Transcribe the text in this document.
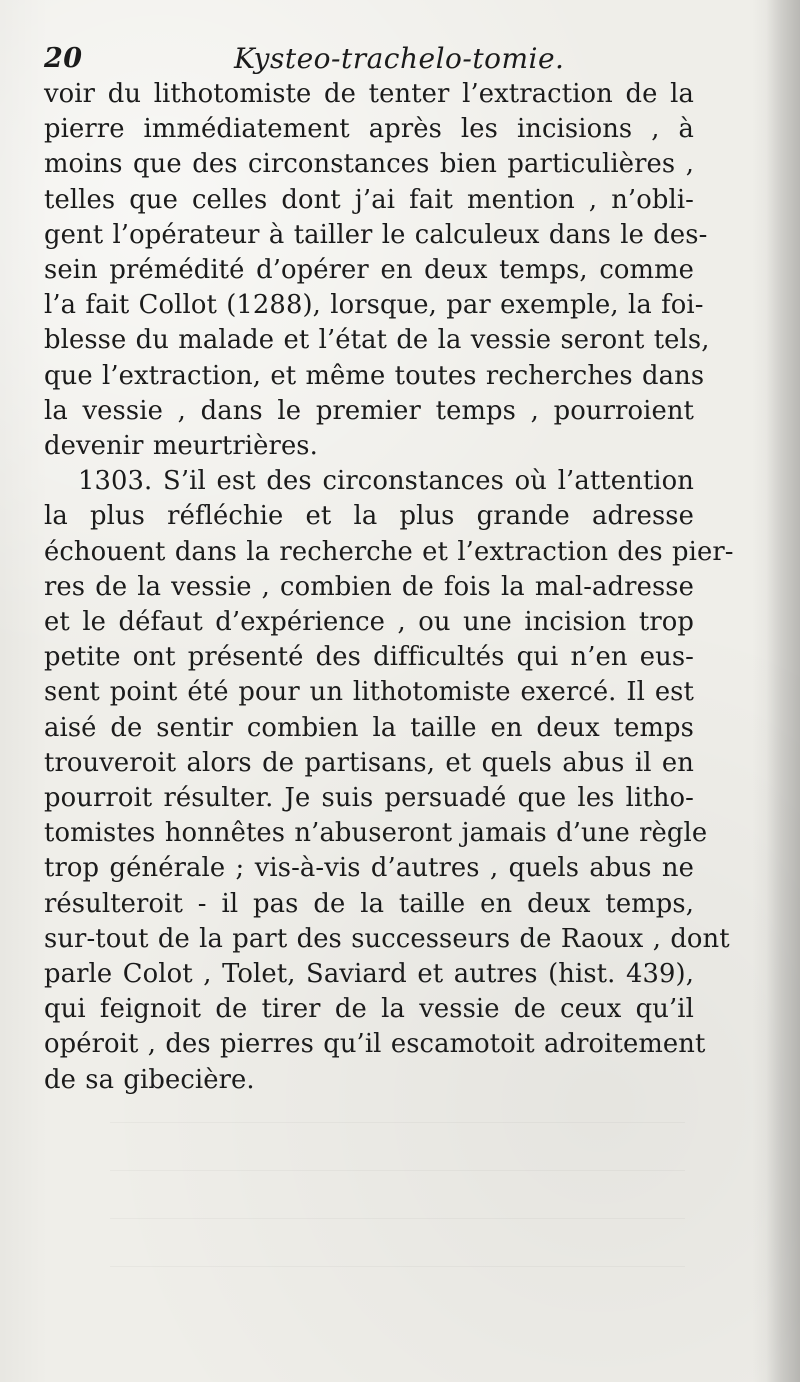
20	Kysteo-trachelo-tomie.
voir du lithotomiste de tenter l’extraction de la
pierre immédiatement après les incisions , à
moins que des circonstances bien particulières ,
telles que celles dont j’ai fait mention , n’obli-
gent l’opérateur à tailler le calculeux dans le des-
sein prémédité d’opérer en deux temps, comme
l’a fait Collot (1288), lorsque, par exemple, la foi-
blesse du malade et l’état de la vessie seront tels,
que l’extraction, et même toutes recherches dans
la vessie , dans le premier temps , pourroient
devenir meurtrières.
1303. S’il est des circonstances où l’attention
la plus réfléchie et la plus grande adresse
échouent dans la recherche et l’extraction des pier-
res de la vessie , combien de fois la mal-adresse
et le défaut d’expérience , ou une incision trop
petite ont présenté des difficultés qui n’en eus-
sent point été pour un lithotomiste exercé. Il est
aisé de sentir combien la taille en deux temps
trouveroit alors de partisans, et quels abus il en
pourroit résulter. Je suis persuadé que les litho-
tomistes honnêtes n’abuseront jamais d’une règle
trop générale ; vis-à-vis d’autres , quels abus ne
résulteroit - il pas de la taille en deux temps,
sur-tout de la part des successeurs de Raoux , dont
parle Colot , Tolet, Saviard et autres (hist. 439),
qui feignoit de tirer de la vessie de ceux qu’il
opéroit , des pierres qu’il escamotoit adroitement
de sa gibecière.
